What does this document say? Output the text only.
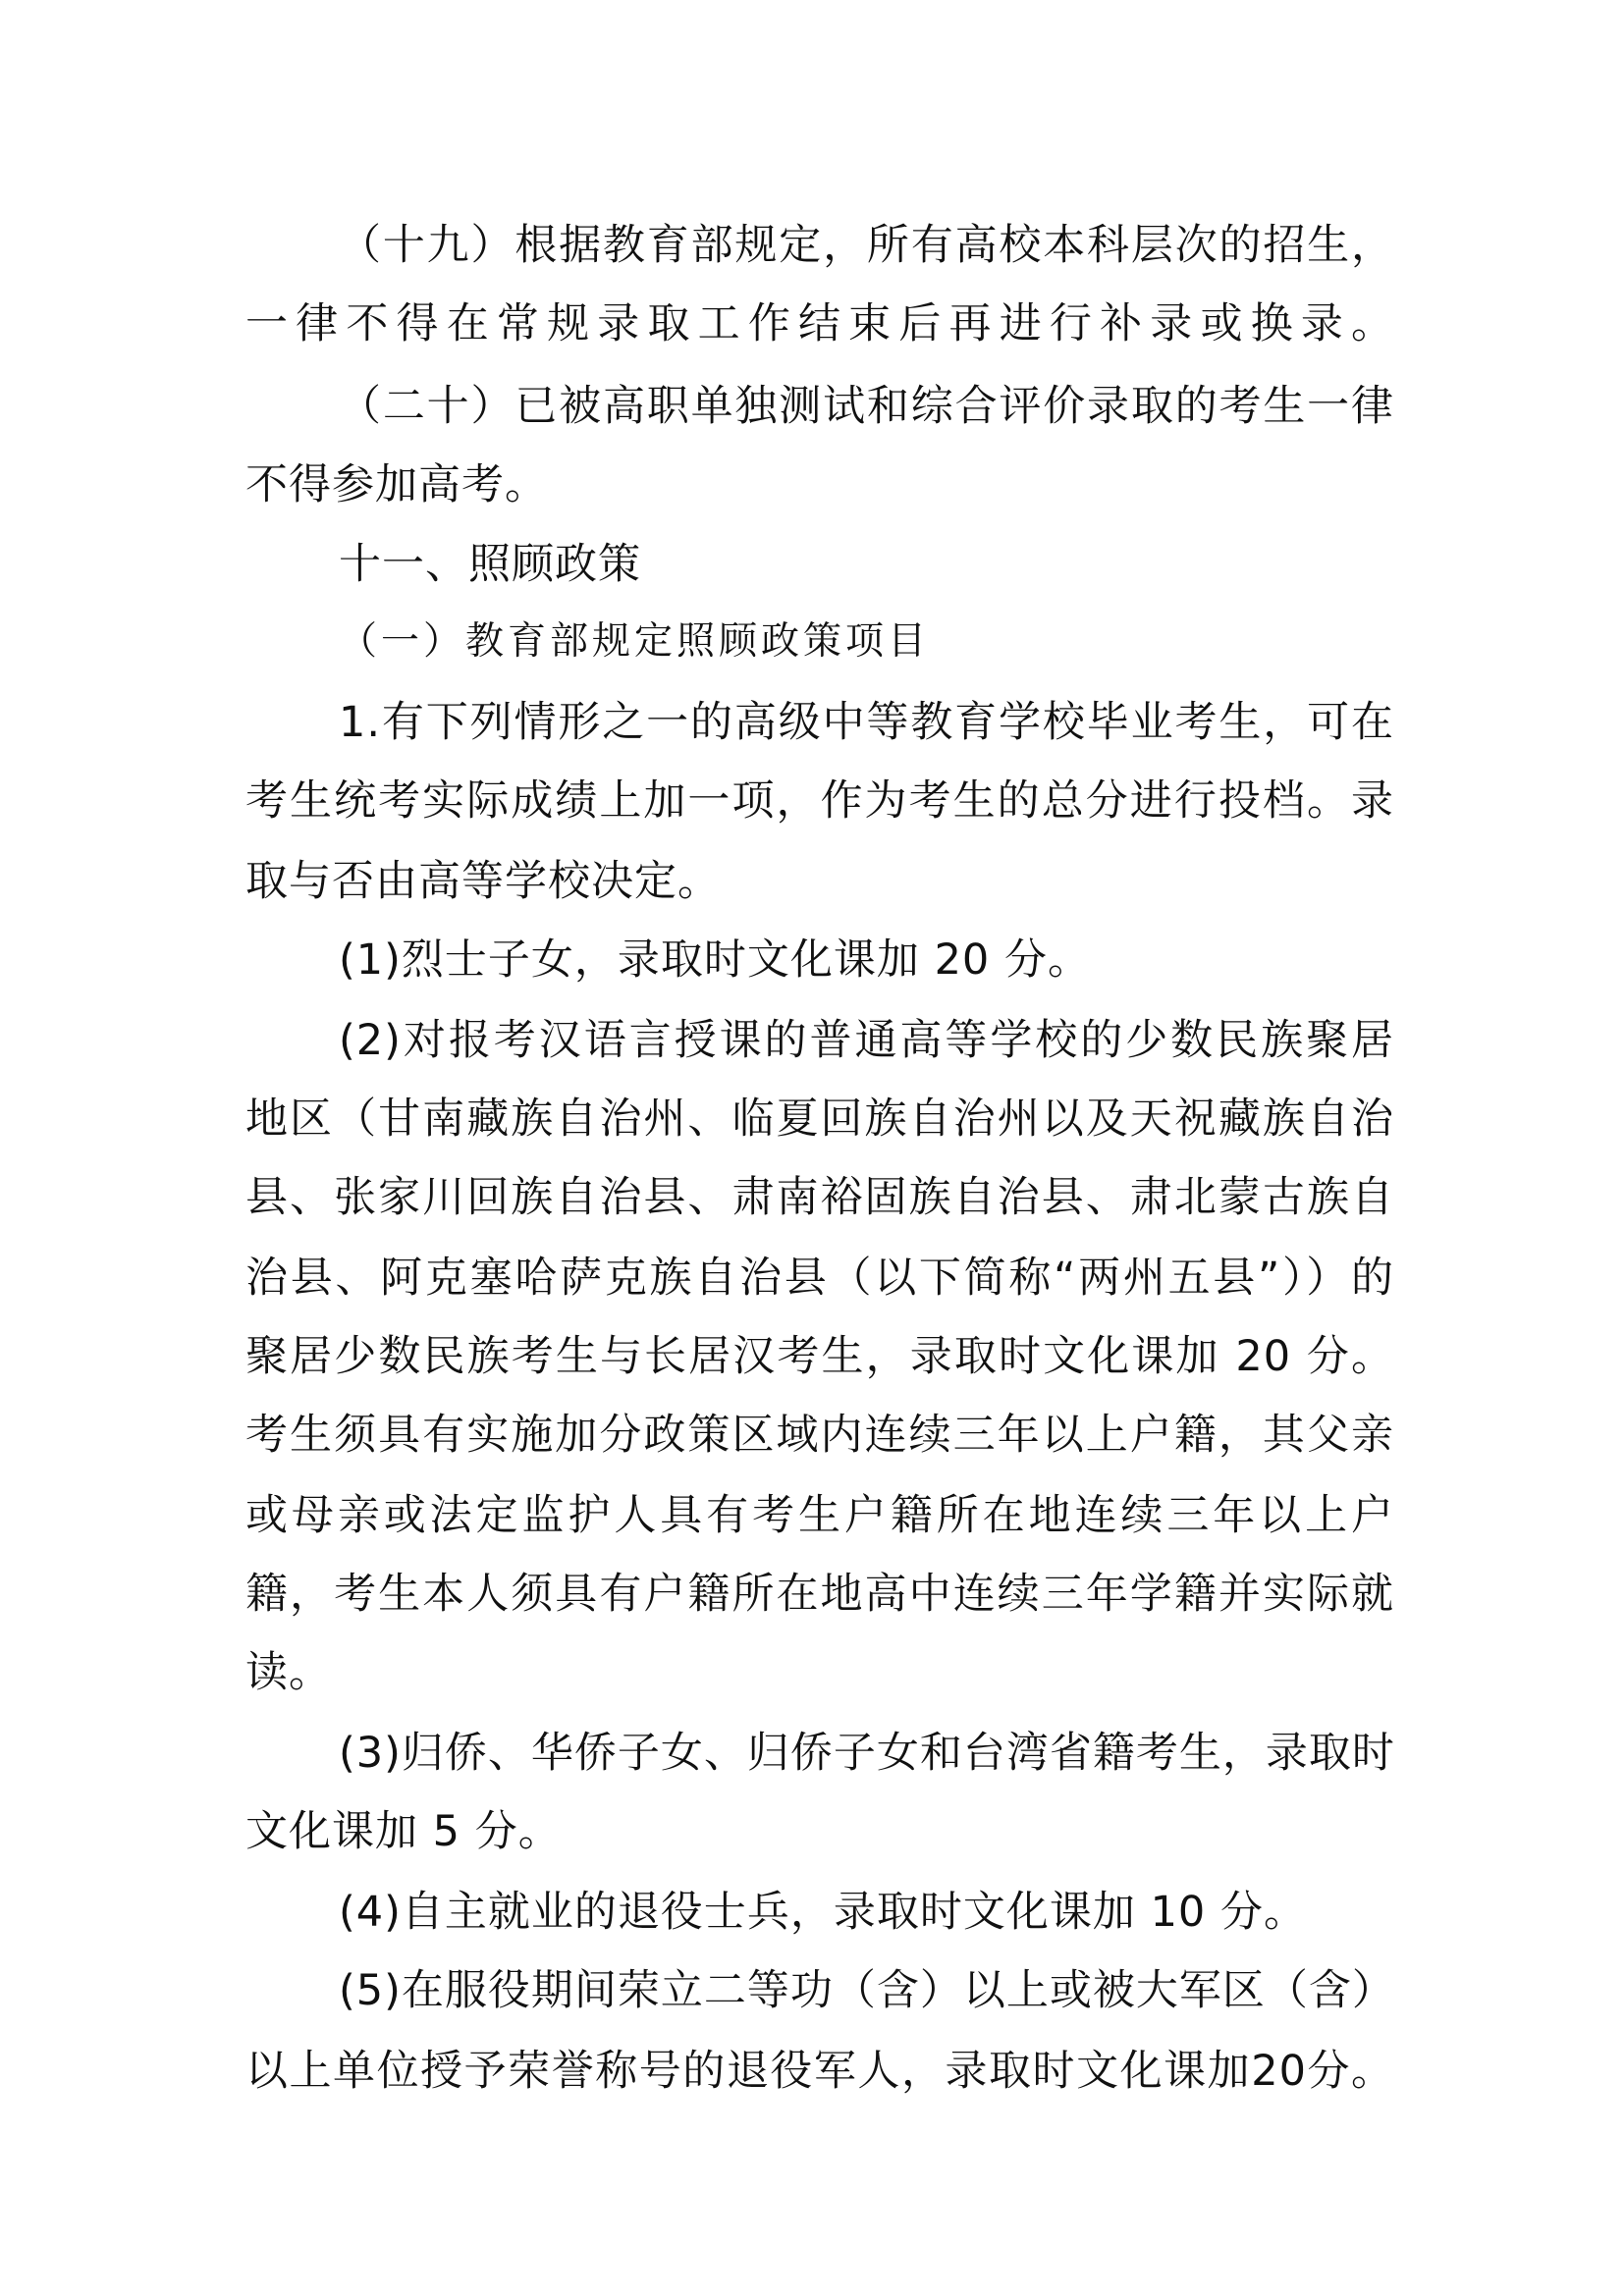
（十九）根据教育部规定，所有高校本科层次的招生，
一律不得在常规录取工作结束后再进行补录或换录。
（二十）已被高职单独测试和综合评价录取的考生一律
不得参加高考。
十一、照顾政策
（一）教育部规定照顾政策项目
1.有下列情形之一的高级中等教育学校毕业考生，可在
考生统考实际成绩上加一项，作为考生的总分进行投档。录
取与否由高等学校决定。
(1)烈士子女，录取时文化课加 20 分。
(2)对报考汉语言授课的普通高等学校的少数民族聚居
地区（甘南藏族自治州、临夏回族自治州以及天祝藏族自治
县、张家川回族自治县、肃南裕固族自治县、肃北蒙古族自
治县、阿克塞哈萨克族自治县（以下简称“两州五县”））的
聚居少数民族考生与长居汉考生，录取时文化课加 20 分。
考生须具有实施加分政策区域内连续三年以上户籍，其父亲
或母亲或法定监护人具有考生户籍所在地连续三年以上户
籍，考生本人须具有户籍所在地高中连续三年学籍并实际就
读。
(3)归侨、华侨子女、归侨子女和台湾省籍考生，录取时
文化课加 5 分。
(4)自主就业的退役士兵，录取时文化课加 10 分。
(5)在服役期间荣立二等功（含）以上或被大军区（含）
以上单位授予荣誉称号的退役军人，录取时文化课加20分。
